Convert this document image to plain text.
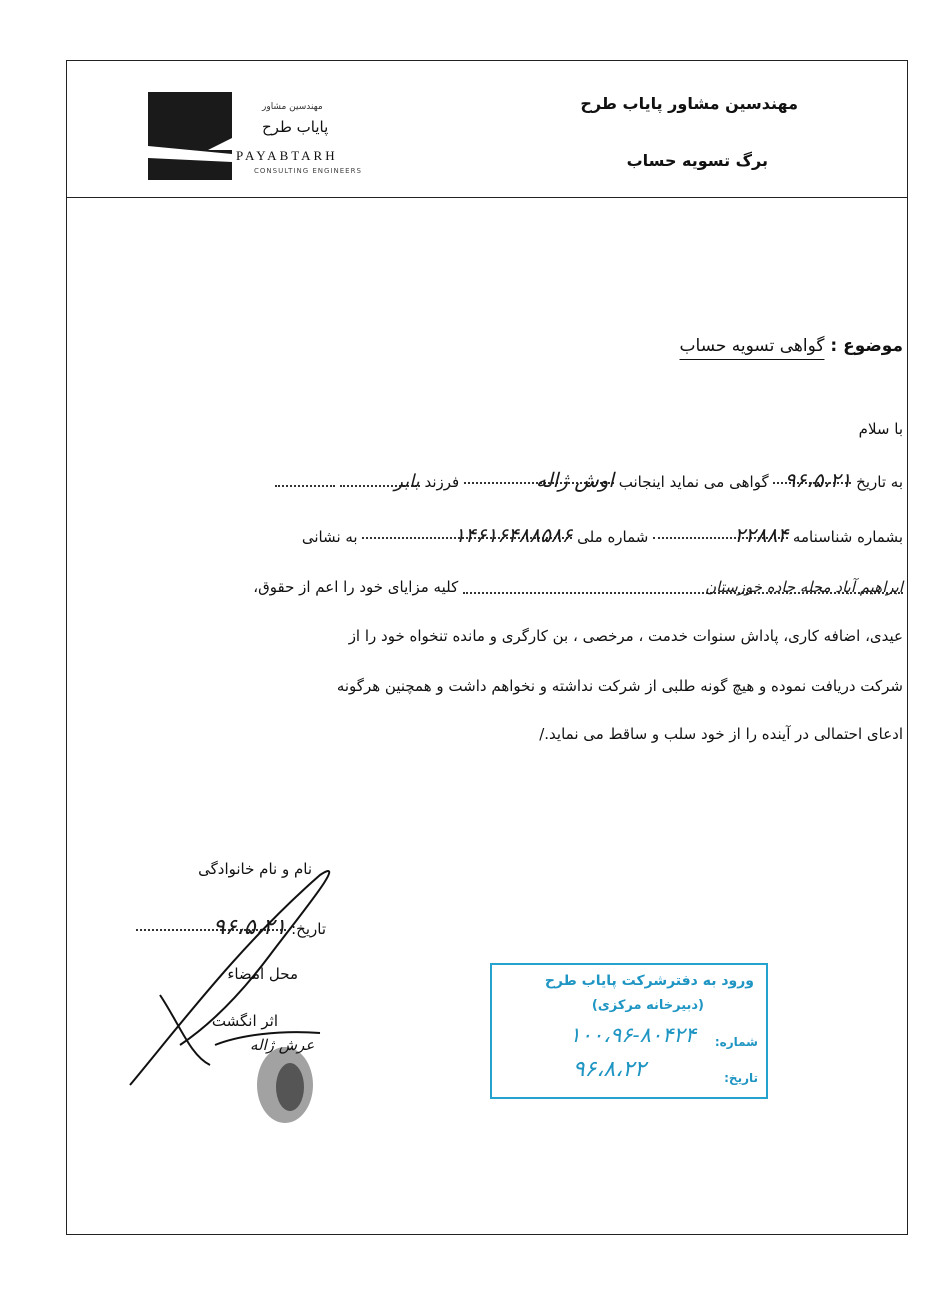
مهندسین مشاور
پایاب طرح
PAYABTARH
CONSULTING ENGINEERS
مهندسین مشاور پایاب طرح
برگ تسویه حساب
موضوع : گواهی تسویه حساب
با سلام
به تاریخ ۹۶،۵،۲۱ گواهی می نماید اینجانب اوش ژاله فرزند بابر
بشماره شناسنامه ۲۲۸۸۴ شماره ملی ۱۴۶۱۶۴۸۸۵۸۶ به نشانی
ابراهیم آباد محله جاده خوزستان کلیه مزایای خود را اعم از حقوق،
عیدی، اضافه کاری، پاداش سنوات خدمت ، مرخصی ، بن کارگری و مانده تنخواه خود را از
شرکت دریافت نموده و هیچ گونه طلبی از شرکت نداشته و نخواهم داشت و همچنین هرگونه
ادعای احتمالی در آینده را از خود سلب و ساقط می نماید./
نام و نام خانوادگی
تاریخ: ۹۶،۵،۲۱
محل امضاء
اثر انگشت
عرش ژاله
ورود به دفترشرکت پایاب طرح
(دبیرخانه مرکزی)
شماره:
۱۰۰،۹۶-۸۰۴۲۴
تاریخ:
۹۶،۸،۲۲
